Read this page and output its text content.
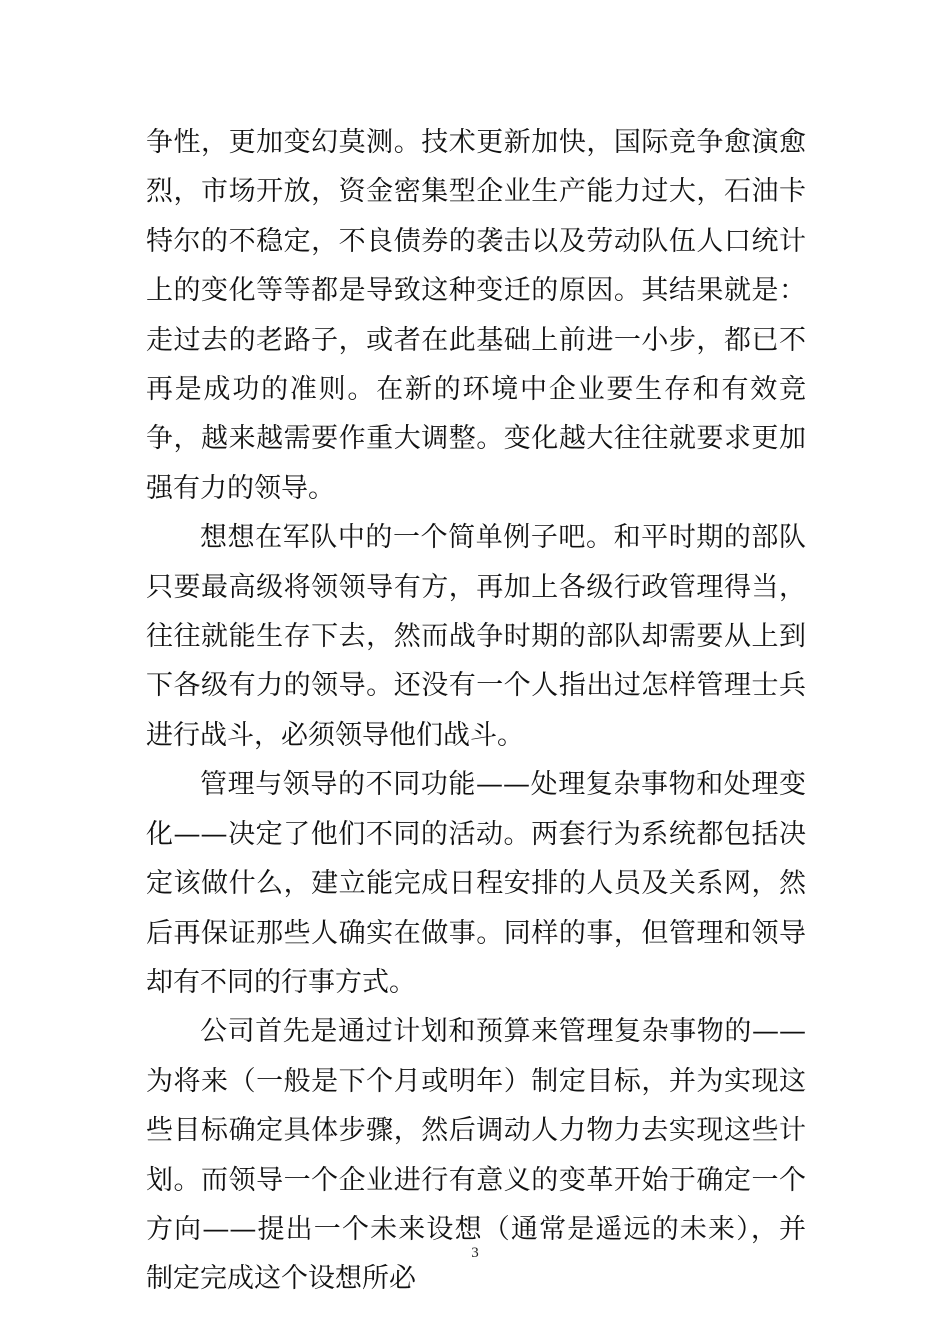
争性，更加变幻莫测。技术更新加快，国际竞争愈演愈烈，市场开放，资金密集型企业生产能力过大，石油卡特尔的不稳定，不良债券的袭击以及劳动队伍人口统计上的变化等等都是导致这种变迁的原因。其结果就是：走过去的老路子，或者在此基础上前进一小步，都已不再是成功的准则。在新的环境中企业要生存和有效竞争，越来越需要作重大调整。变化越大往往就要求更加强有力的领导。

想想在军队中的一个简单例子吧。和平时期的部队只要最高级将领领导有方，再加上各级行政管理得当，往往就能生存下去，然而战争时期的部队却需要从上到下各级有力的领导。还没有一个人指出过怎样管理士兵进行战斗，必须领导他们战斗。

管理与领导的不同功能——处理复杂事物和处理变化——决定了他们不同的活动。两套行为系统都包括决定该做什么，建立能完成日程安排的人员及关系网，然后再保证那些人确实在做事。同样的事，但管理和领导却有不同的行事方式。

公司首先是通过计划和预算来管理复杂事物的——为将来（一般是下个月或明年）制定目标，并为实现这些目标确定具体步骤，然后调动人力物力去实现这些计划。而领导一个企业进行有意义的变革开始于确定一个方向——提出一个未来设想（通常是遥远的未来），并制定完成这个设想所必

3
